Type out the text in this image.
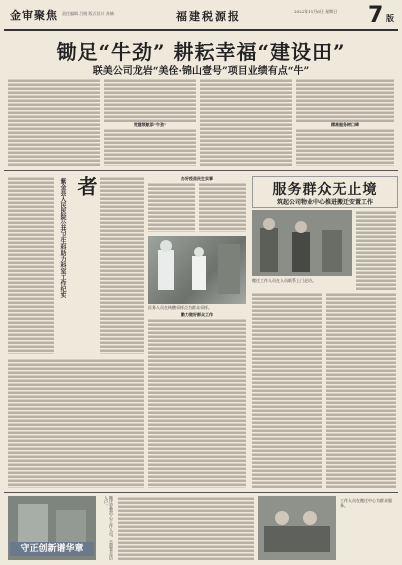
金审聚焦 责任编辑 吕晓 版式设计 苏楠	福建税源报	2022年11月6日 星期日	7 版
锄足“牛劲” 耕耘幸福“建设田”
联美公司龙岩“美佺·锦山壹号”项目业绩有点“牛”
党建领航添“牛劲”	精准服务树口碑
者
紫金县人民医院公共卫生科助力科室工作纪实	办好疫苗民生实事
医务人员在核酸采样点为群众采样。
勤力做好群众工作
服务群众无止境
筑起公司物业中心推进搬迁安置工作
搬迁工作人员在人员联系上门走访。
守正创新谱华章	搬迁安置中心工作人员、志愿者走访入户。	工作人员在搬迁中心为群众服务。
